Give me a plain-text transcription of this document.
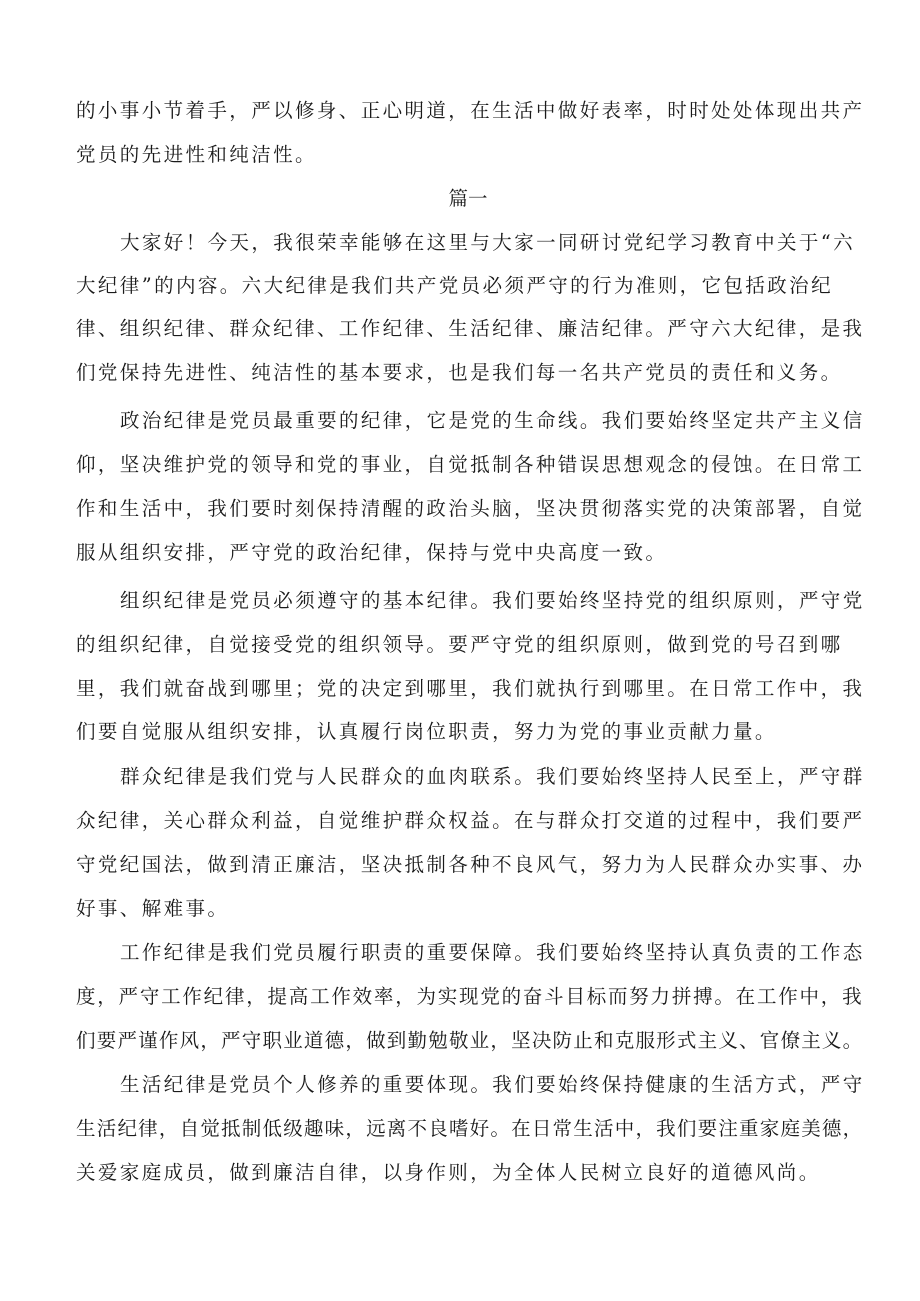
的小事小节着手，严以修身、正心明道，在生活中做好表率，时时处处体现出共产
党员的先进性和纯洁性。
篇一
大家好！今天，我很荣幸能够在这里与大家一同研讨党纪学习教育中关于“六
大纪律”的内容。六大纪律是我们共产党员必须严守的行为准则，它包括政治纪
律、组织纪律、群众纪律、工作纪律、生活纪律、廉洁纪律。严守六大纪律，是我
们党保持先进性、纯洁性的基本要求，也是我们每一名共产党员的责任和义务。
政治纪律是党员最重要的纪律，它是党的生命线。我们要始终坚定共产主义信
仰，坚决维护党的领导和党的事业，自觉抵制各种错误思想观念的侵蚀。在日常工
作和生活中，我们要时刻保持清醒的政治头脑，坚决贯彻落实党的决策部署，自觉
服从组织安排，严守党的政治纪律，保持与党中央高度一致。
组织纪律是党员必须遵守的基本纪律。我们要始终坚持党的组织原则，严守党
的组织纪律，自觉接受党的组织领导。要严守党的组织原则，做到党的号召到哪
里，我们就奋战到哪里；党的决定到哪里，我们就执行到哪里。在日常工作中，我
们要自觉服从组织安排，认真履行岗位职责，努力为党的事业贡献力量。
群众纪律是我们党与人民群众的血肉联系。我们要始终坚持人民至上，严守群
众纪律，关心群众利益，自觉维护群众权益。在与群众打交道的过程中，我们要严
守党纪国法，做到清正廉洁，坚决抵制各种不良风气，努力为人民群众办实事、办
好事、解难事。
工作纪律是我们党员履行职责的重要保障。我们要始终坚持认真负责的工作态
度，严守工作纪律，提高工作效率，为实现党的奋斗目标而努力拼搏。在工作中，我
们要严谨作风，严守职业道德，做到勤勉敬业，坚决防止和克服形式主义、官僚主义。
生活纪律是党员个人修养的重要体现。我们要始终保持健康的生活方式，严守
生活纪律，自觉抵制低级趣味，远离不良嗜好。在日常生活中，我们要注重家庭美德，
关爱家庭成员，做到廉洁自律，以身作则，为全体人民树立良好的道德风尚。
